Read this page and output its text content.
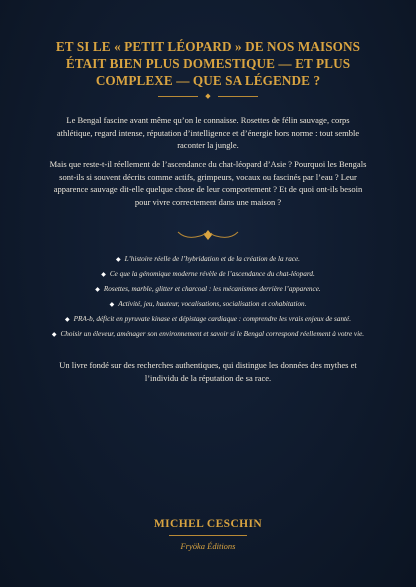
ET SI LE « PETIT LÉOPARD » DE NOS MAISONS ÉTAIT BIEN PLUS DOMESTIQUE — ET PLUS COMPLEXE — QUE SA LÉGENDE ?
◆

Le Bengal fascine avant même qu’on le connaisse. Rosettes de félin sauvage, corps athlétique, regard intense, réputation d’intelligence et d’énergie hors norme : tout semble raconter la jungle.

Mais que reste-t-il réellement de l’ascendance du chat-léopard d’Asie ? Pourquoi les Bengals sont-ils si souvent décrits comme actifs, grimpeurs, vocaux ou fascinés par l’eau ? Leur apparence sauvage dit-elle quelque chose de leur comportement ? Et de quoi ont-ils besoin pour vivre correctement dans une maison ?

◆ L’histoire réelle de l’hybridation et de la création de la race.
◆ Ce que la génomique moderne révèle de l’ascendance du chat-léopard.
◆ Rosettes, marble, glitter et charcoal : les mécanismes derrière l’apparence.
◆ Activité, jeu, hauteur, vocalisations, socialisation et cohabitation.
◆ PRA-b, déficit en pyruvate kinase et dépistage cardiaque : comprendre les vrais enjeux de santé.
◆ Choisir un éleveur, aménager son environnement et savoir si le Bengal correspond réellement à votre vie.

Un livre fondé sur des recherches authentiques, qui distingue les données des mythes et l’individu de la réputation de sa race.

MICHEL CESCHIN

Fryöka Éditions
